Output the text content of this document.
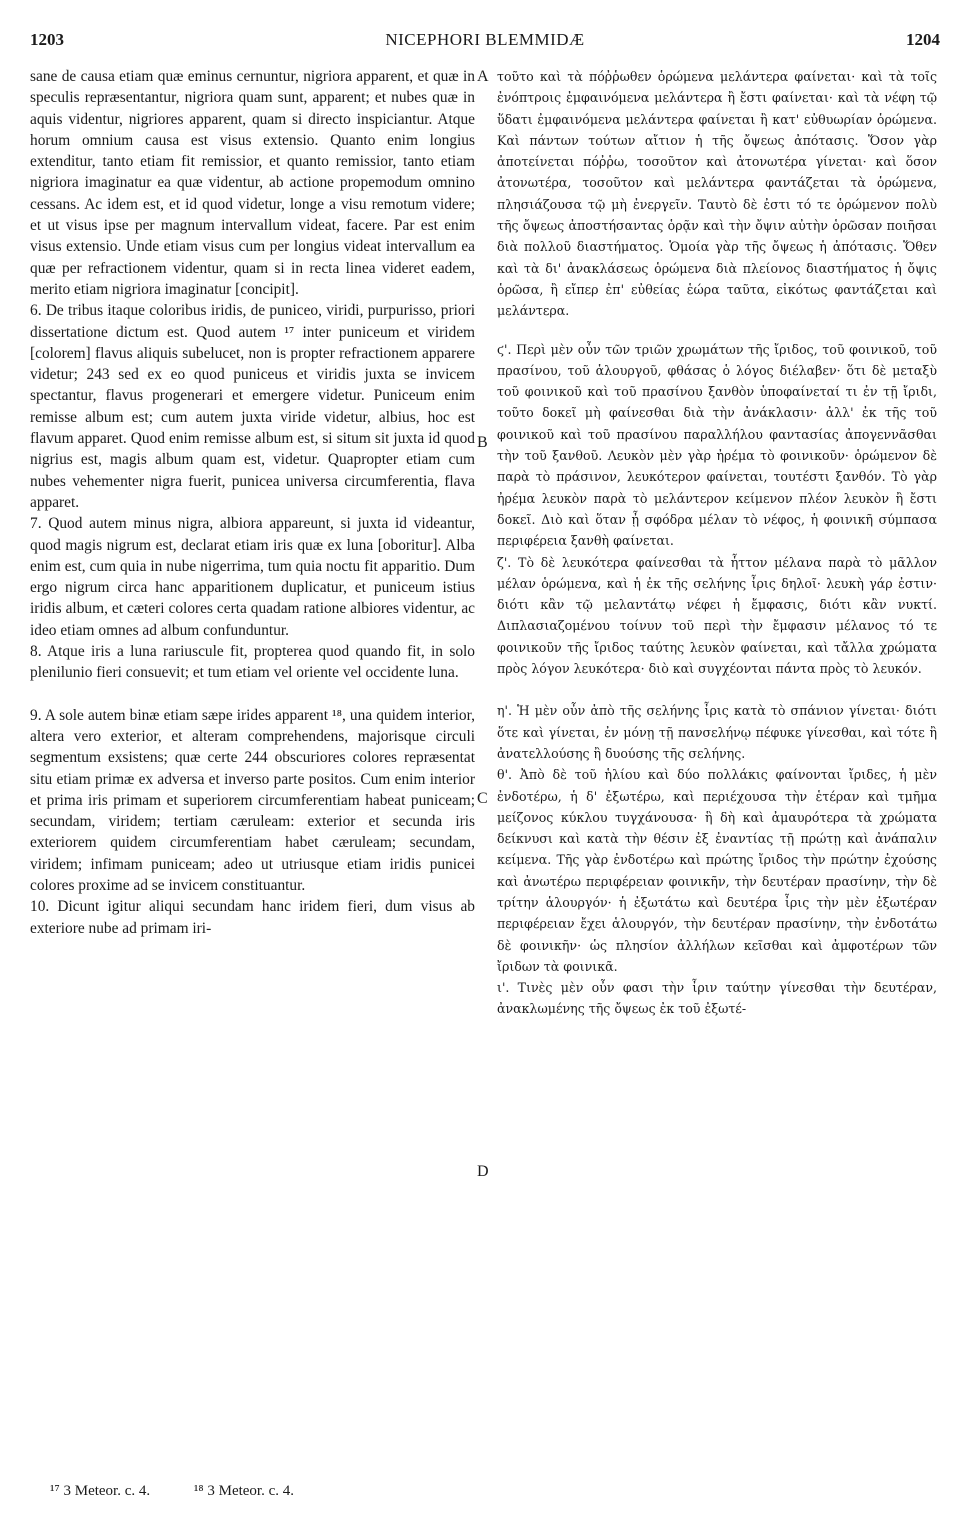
1203	NICEPHORI BLEMMIDÆ	1204
A
B
C
D

sane de causa etiam quæ eminus cernuntur, nigriora apparent, et quæ in speculis repræsentantur, nigriora quam sunt, apparent; et nubes quæ in aquis videntur, nigriores apparent, quam si directo inspiciantur. Atque horum omnium causa est visus extensio. Quanto enim longius extenditur, tanto etiam fit remissior, et quanto remissior, tanto etiam nigriora imaginatur ea quæ videntur, ab actione propemodum omnino cessans. Ac idem est, et id quod videtur, longe a visu remotum videre; et ut visus ipse per magnum intervallum videat, facere. Par est enim visus extensio. Unde etiam visus cum per longius videat intervallum ea quæ per refractionem videntur, quam si in recta linea videret eadem, merito etiam nigriora imaginatur [concipit].

6. De tribus itaque coloribus iridis, de puniceo, viridi, purpurisso, priori dissertatione dictum est. Quod autem ¹⁷ inter puniceum et viridem [colorem] flavus aliquis subelucet, non is propter refractionem apparere videtur; 243 sed ex eo quod puniceus et viridis juxta se invicem spectantur, flavus progenerari et emergere videtur. Puniceum enim remisse album est; cum autem juxta viride videtur, albius, hoc est flavum apparet. Quod enim remisse album est, si situm sit juxta id quod nigrius est, magis album quam est, videtur. Quapropter etiam cum nubes vehementer nigra fuerit, punicea universa circumferentia, flava apparet.

7. Quod autem minus nigra, albiora appareunt, si juxta id videantur, quod magis nigrum est, declarat etiam iris quæ ex luna [oboritur]. Alba enim est, cum quia in nube nigerrima, tum quia noctu fit apparitio. Dum ergo nigrum circa hanc apparitionem duplicatur, et puniceum istius iridis album, et cæteri colores certa quadam ratione albiores videntur, ac ideo etiam omnes ad album confunduntur.

8. Atque iris a luna rariuscule fit, propterea quod quando fit, in solo plenilunio fieri consuevit; et tum etiam vel oriente vel occidente luna.

9. A sole autem binæ etiam sæpe irides apparent ¹⁸, una quidem interior, altera vero exterior, et alteram comprehendens, majorisque circuli segmentum exsistens; quæ certe 244 obscuriores colores repræsentat situ etiam primæ ex adversa et inverso parte positos. Cum enim interior et prima iris primam et superiorem circumferentiam habeat puniceam; secundam, viridem; tertiam cæruleam: exterior et secunda iris exteriorem quidem circumferentiam habet cæruleam; secundam, viridem; infimam puniceam; adeo ut utriusque etiam iridis punicei colores proxime ad se invicem constituantur.

10. Dicunt igitur aliqui secundam hanc iridem fieri, dum visus ab exteriore nube ad primam iri-

τοῦτο καὶ τὰ πόῤῥωθεν ὁρώμενα μελάντερα φαίνεται· καὶ τὰ τοῖς ἐνόπτροις ἐμφαινόμενα μελάντερα ἢ ἔστι φαίνεται· καὶ τὰ νέφη τῷ ὕδατι ἐμφαινόμενα μελάντερα φαίνεται ἢ κατ' εὐθυωρίαν ὁρώμενα. Καὶ πάντων τούτων αἴτιον ἡ τῆς ὄψεως ἀπότασις. Ὅσον γὰρ ἀποτείνεται πόῤῥω, τοσοῦτον καὶ ἀτονωτέρα γίνεται· καὶ ὅσον ἀτονωτέρα, τοσοῦτον καὶ μελάντερα φαντάζεται τὰ ὁρώμενα, πλησιάζουσα τῷ μὴ ἐνεργεῖν. Ταυτὸ δὲ ἐστι τό τε ὁρώμενον πολὺ τῆς ὄψεως ἀποστήσαντας ὁρᾷν καὶ τὴν ὄψιν αὐτὴν ὁρῶσαν ποιῆσαι διὰ πολλοῦ διαστήματος. Ὁμοία γὰρ τῆς ὄψεως ἡ ἀπότασις. Ὅθεν καὶ τὰ δι' ἀνακλάσεως ὁρώμενα διὰ πλείονος διαστήματος ἡ ὄψις ὁρῶσα, ἢ εἴπερ ἐπ' εὐθείας ἑώρα ταῦτα, εἰκότως φαντάζεται καὶ μελάντερα.

ϛ'. Περὶ μὲν οὖν τῶν τριῶν χρωμάτων τῆς ἴριδος, τοῦ φοινικοῦ, τοῦ πρασίνου, τοῦ ἁλουργοῦ, φθάσας ὁ λόγος διέλαβεν· ὅτι δὲ μεταξὺ τοῦ φοινικοῦ καὶ τοῦ πρασίνου ξανθὸν ὑποφαίνεταί τι ἐν τῇ ἴριδι, τοῦτο δοκεῖ μὴ φαίνεσθαι διὰ τὴν ἀνάκλασιν· ἀλλ' ἐκ τῆς τοῦ φοινικοῦ καὶ τοῦ πρασίνου παραλλήλου φαντασίας ἀπογεννᾶσθαι τὴν τοῦ ξανθοῦ. Λευκὸν μὲν γὰρ ἠρέμα τὸ φοινικοῦν· ὁρώμενον δὲ παρὰ τὸ πράσινον, λευκότερον φαίνεται, τουτέστι ξανθόν. Τὸ γὰρ ἠρέμα λευκὸν παρὰ τὸ μελάντερον κείμενον πλέον λευκὸν ἢ ἔστι δοκεῖ. Διὸ καὶ ὅταν ᾖ σφόδρα μέλαν τὸ νέφος, ἡ φοινικῆ σύμπασα περιφέρεια ξανθὴ φαίνεται.

ζ'. Τὸ δὲ λευκότερα φαίνεσθαι τὰ ἧττον μέλανα παρὰ τὸ μᾶλλον μέλαν ὁρώμενα, καὶ ἡ ἐκ τῆς σελήνης ἶρις δηλοῖ· λευκὴ γάρ ἐστιν· διότι κἂν τῷ μελαντάτῳ νέφει ἡ ἔμφασις, διότι κἂν νυκτί. Διπλασιαζομένου τοίνυν τοῦ περὶ τὴν ἔμφασιν μέλανος τό τε φοινικοῦν τῆς ἴριδος ταύτης λευκὸν φαίνεται, καὶ τἄλλα χρώματα πρὸς λόγον λευκότερα· διὸ καὶ συγχέονται πάντα πρὸς τὸ λευκόν.

η'. Ἡ μὲν οὖν ἀπὸ τῆς σελήνης ἶρις κατὰ τὸ σπάνιον γίνεται· διότι ὅτε καὶ γίνεται, ἐν μόνῃ τῇ πανσελήνῳ πέφυκε γίνεσθαι, καὶ τότε ἢ ἀνατελλούσης ἢ δυούσης τῆς σελήνης.

θ'. Ἀπὸ δὲ τοῦ ἡλίου καὶ δύο πολλάκις φαίνονται ἴριδες, ἡ μὲν ἐνδοτέρω, ἡ δ' ἐξωτέρω, καὶ περιέχουσα τὴν ἑτέραν καὶ τμῆμα μείζονος κύκλου τυγχάνουσα· ἣ δὴ καὶ ἀμαυρότερα τὰ χρώματα δείκνυσι καὶ κατὰ τὴν θέσιν ἐξ ἐναντίας τῇ πρώτῃ καὶ ἀνάπαλιν κείμενα. Τῆς γὰρ ἐνδοτέρω καὶ πρώτης ἴριδος τὴν πρώτην ἐχούσης καὶ ἀνωτέρω περιφέρειαν φοινικῆν, τὴν δευτέραν πρασίνην, τὴν δὲ τρίτην ἁλουργόν· ἡ ἐξωτάτω καὶ δευτέρα ἶρις τὴν μὲν ἐξωτέραν περιφέρειαν ἔχει ἁλουργόν, τὴν δευτέραν πρασίνην, τὴν ἐνδοτάτω δὲ φοινικῆν· ὡς πλησίον ἀλλήλων κεῖσθαι καὶ ἀμφοτέρων τῶν ἴριδων τὰ φοινικᾶ.

ι'. Τινὲς μὲν οὖν φασι τὴν ἶριν ταύτην γίνεσθαι τὴν δευτέραν, ἀνακλωμένης τῆς ὄψεως ἐκ τοῦ ἐξωτέ-

¹⁷ 3 Meteor. c. 4.	¹⁸ 3 Meteor. c. 4.
